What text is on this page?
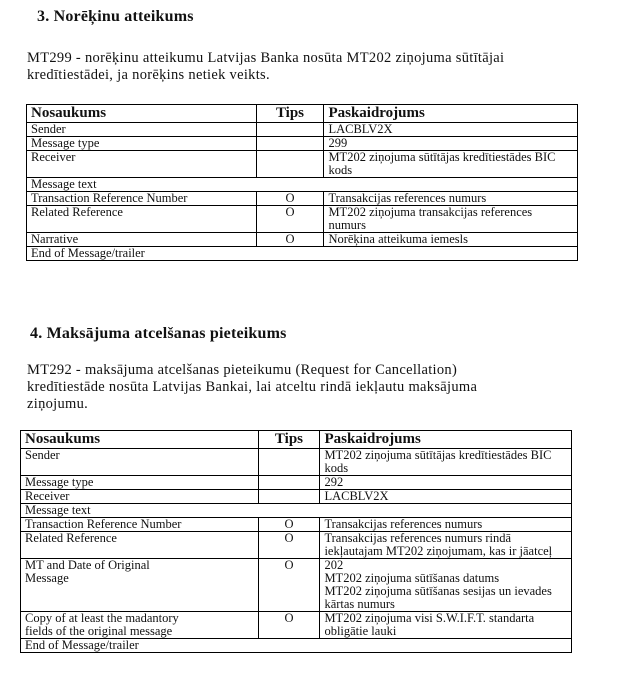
3. Norēķinu atteikums
MT299 - norēķinu atteikumu Latvijas Banka nosūta MT202 ziņojuma sūtītājai
kredītiestādei, ja norēķins netiek veikts.
Nosaukums	Tips	Paskaidrojums
Sender		LACBLV2X
Message type		299
Receiver		MT202 ziņojuma sūtītājas kredītiestādes BIC
kods

Message text		
Transaction Reference Number	O	Transakcijas references numurs
Related Reference	O	MT202 ziņojuma transakcijas references
numurs

Narrative	O	Norēķina atteikuma iemesls
End of Message/trailer		
4. Maksājuma atcelšanas pieteikums
MT292 - maksājuma atcelšanas pieteikumu (Request for Cancellation)
kredītiestāde nosūta Latvijas Bankai, lai atceltu rindā iekļautu maksājuma
ziņojumu.
Nosaukums	Tips	Paskaidrojums
Sender		MT202 ziņojuma sūtītājas kredītiestādes BIC
kods

Message type		292
Receiver		LACBLV2X
Message text		
Transaction Reference Number	O	Transakcijas references numurs
Related Reference	O	Transakcijas references numurs rindā
iekļautajam MT202 ziņojumam, kas ir jāatceļ

MT and Date of Original
Message	O	202
MT202 ziņojuma sūtīšanas datums
MT202 ziņojuma sūtīšanas sesijas un ievades
kārtas numurs

Copy of at least the madantory
fields of the original message	O	MT202 ziņojuma visi S.W.I.F.T. standarta
obligātie lauki

End of Message/trailer		
